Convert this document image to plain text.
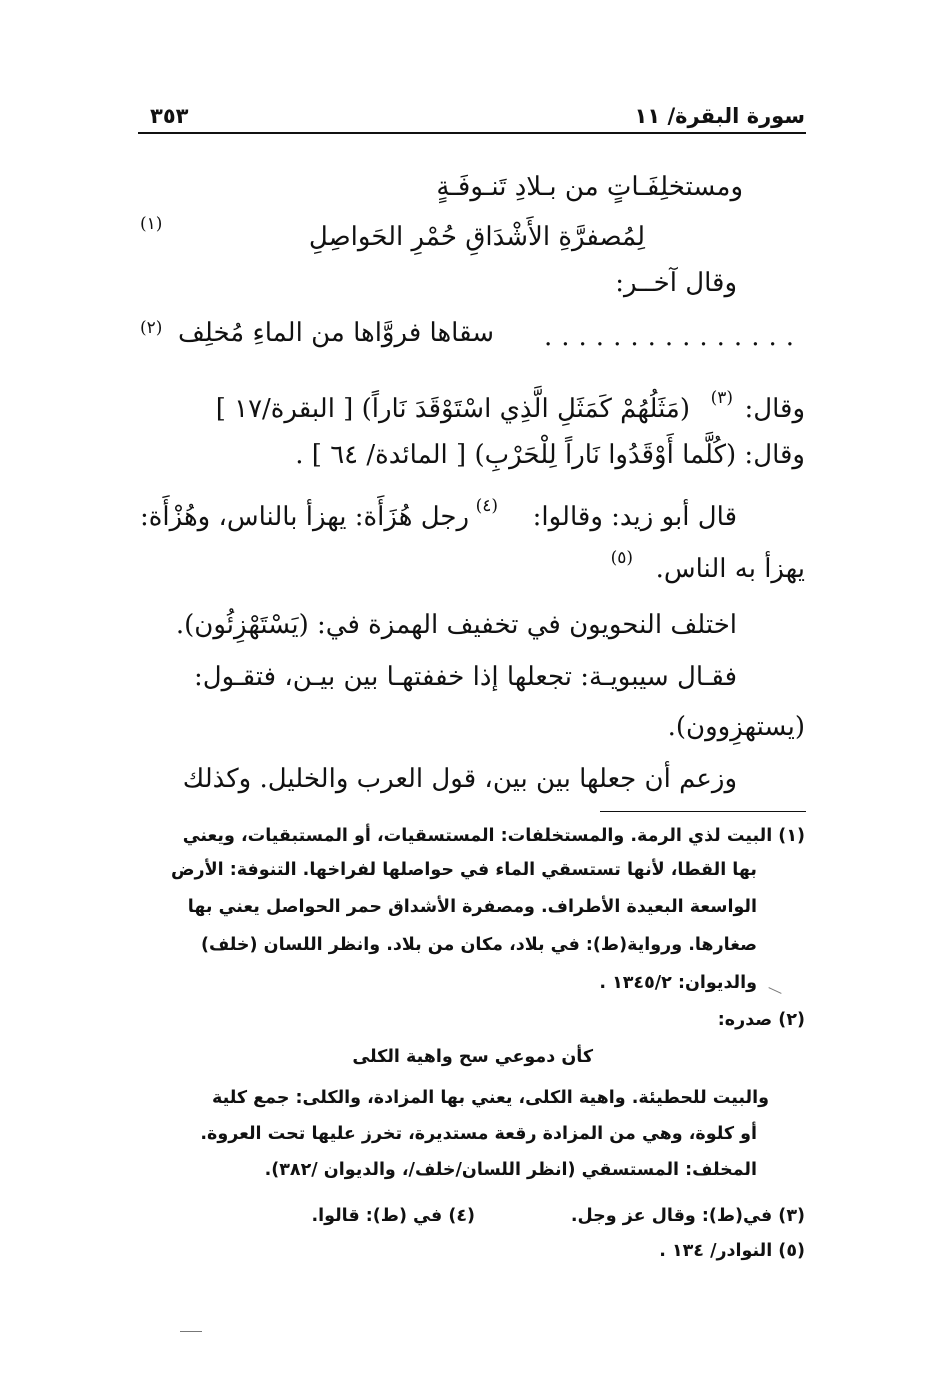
سورة البقرة/ ١١
٣٥٣
ومستخلِفَـاتٍ من بـلادِ تَنـوفَـةٍ
لِمُصفرَّةِ الأَشْدَاقِ حُمْرِ الحَواصِلِ
(١)
وقال آخــر:
...............
سقاها فروَّاها من الماءِ مُخلِف
(٢)
وقال:
(٣)
(مَثَلُهُمْ كَمَثَلِ الَّذِي اسْتَوْقَدَ نَاراً) [ البقرة/١٧ ]
وقال: (كُلَّما أَوْقَدُوا نَاراً لِلْحَرْبِ) [ المائدة/ ٦٤ ] .
قال أبو زيد: وقالوا:
(٤)
رجل هُزَأَة: يهزأ بالناس، وهُزْأَة:
يهزأ به الناس.
(٥)
اختلف النحويون في تخفيف الهمزة في: (يَسْتَهْزِئُون).
فقـال سيبويـة: تجعلها إذا خففتهـا بين بيـن، فتقـول:
(يستهزِوون).
وزعم أن جعلها بين بين، قول العرب والخليل. وكذلك
(١) البيت لذي الرمة. والمستخلفات: المستسقيات، أو المستبقيات، ويعني
بها القطا، لأنها تستسقي الماء في حواصلها لفراخها. التنوفة: الأرض
الواسعة البعيدة الأطراف. ومصفرة الأشداق حمر الحواصل يعني بها
صغارها. ورواية(ط): في بلاد، مكان من بلاد. وانظر اللسان (خلف)
والديوان: ١٣٤٥/٢ .
(٢) صدره:
كأن دموعي سح واهية الكلى
والبيت للحطيئة. واهية الكلى، يعني بها المزادة، والكلى: جمع كلية
أو كلوة، وهي من المزادة رقعة مستديرة، تخرز عليها تحت العروة.
المخلف: المستسقي (انظر اللسان/خلف/، والديوان /٣٨٢).
(٣) في(ط): وقال عز وجل.
(٤) في (ط): قالوا.
(٥) النوادر/ ١٣٤ .
